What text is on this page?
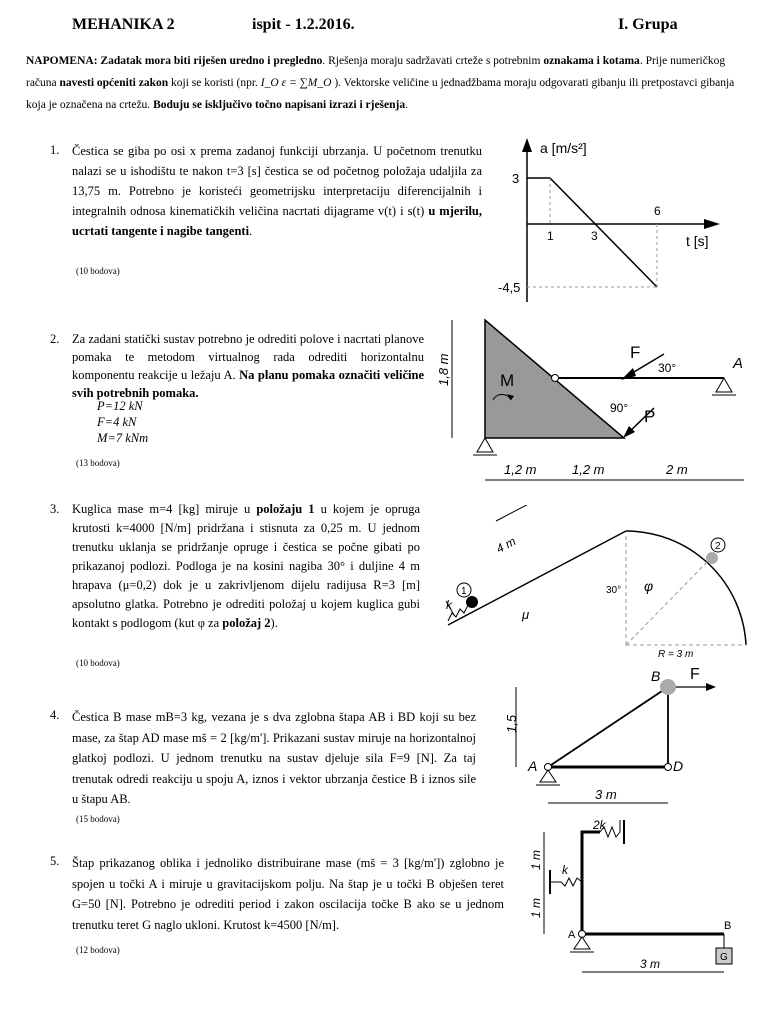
MEHANIKA 2	ispit - 1.2.2016.	I. Grupa
NAPOMENA: Zadatak mora biti riješen uredno i pregledno. Rješenja moraju sadržavati crteže s potrebnim oznakama i kotama. Prije numeričkog računa navesti općeniti zakon koji se koristi (npr. I_O ε = ∑M_O ). Vektorske veličine u jednadžbama moraju odgovarati gibanju ili pretpostavci gibanja koja je označena na crtežu. Boduju se isključivo točno napisani izrazi i rješenja.
1. Čestica se giba po osi x prema zadanoj funkciji ubrzanja. U početnom trenutku nalazi se u ishodištu te nakon t=3 [s] čestica se od početnog položaja udaljila za 13,75 m. Potrebno je koristeći geometrijsku interpretaciju diferencijalnih i integralnih odnosa kinematičkih veličina nacrtati dijagrame v(t) i s(t) u mjerilu, ucrtati tangente i nagibe tangenti.
(10 bodova)
a [m/s²]
t [s]
3
-4,5
1	3
6
2. Za zadani statički sustav potrebno je odrediti polove i nacrtati planove pomaka te metodom virtualnog rada odrediti horizontalnu komponentu reakcije u ležaju A. Na planu pomaka označiti veličine svih potrebnih pomaka.
P=12 kN
F=4 kN
M=7 kNm
(13 bodova)
1,8 m
1,2 m	1,2 m	2 m
F
P
M
A
30°
90°
3. Kuglica mase m=4 [kg] miruje u položaju 1 u kojem je opruga krutosti k=4000 [N/m] pridržana i stisnuta za 0,25 m. U jednom trenutku uklanja se pridržanje opruge i čestica se počne gibati po prikazanoj podlozi. Podloga je na kosini nagiba 30° i duljine 4 m hrapava (μ=0,2) dok je u zakrivljenom dijelu radijusa R=3 [m] apsolutno glatka. Potrebno je odrediti položaj u kojem kuglica gubi kontakt s podlogom (kut φ za položaj 2).
(10 bodova)
1
2
4 m
k
μ
30° φ
R = 3 m
4. Čestica B mase mB=3 kg, vezana je s dva zglobna štapa AB i BD koji su bez mase, za štap AD mase mš = 2 [kg/m']. Prikazani sustav miruje na horizontalnoj glatkoj podlozi. U jednom trenutku na sustav djeluje sila F=9 [N]. Za taj trenutak odredi reakciju u spoju A, iznos i vektor ubrzanja čestice B i iznos sile u štapu AB.
(15 bodova)
B F
A	D
1,5
3 m
5. Štap prikazanog oblika i jednoliko distribuirane mase (mš = 3 [kg/m']) zglobno je spojen u točki A i miruje u gravitacijskom polju. Na štap je u točki B obješen teret G=50 [N]. Potrebno je odrediti period i zakon oscilacija točke B ako se u jednom trenutku teret G naglo ukloni. Krutost k=4500 [N/m].
(12 bodova)
2k
k
1 m
1 m
A
B
G
3 m
